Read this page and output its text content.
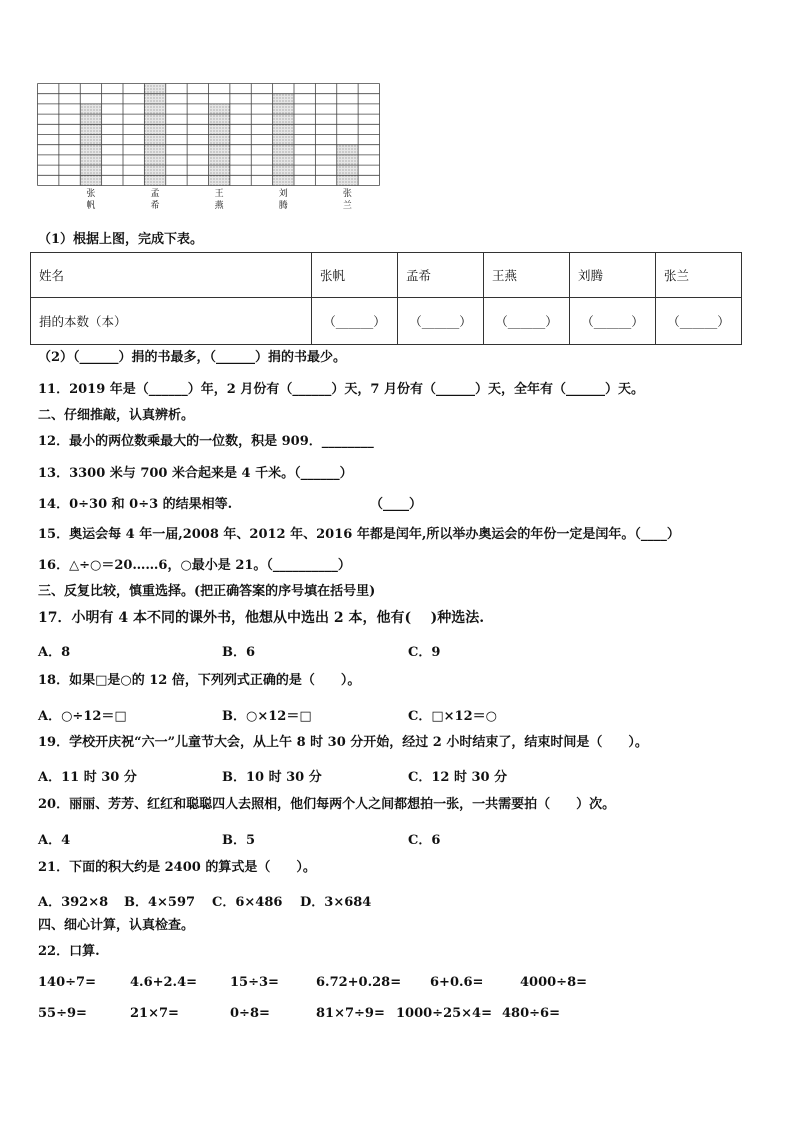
张
帆
孟
希
王
燕
刘
腾
张
兰
（1）根据上图，完成下表。
姓名	张帆	孟希	王燕	刘腾	张兰
捐的本数（本）	（______）	（______）	（______）	（______）	（______）
（2）（______）捐的书最多，（______）捐的书最少。
11．2019 年是（______）年，2 月份有（______）天，7 月份有（______）天，全年有（______）天。
二、仔细推敲，认真辨析。
12．最小的两位数乘最大的一位数，积是 909．________
13．3300 米与 700 米合起来是 4 千米。（______）
14．0÷30 和 0÷3 的结果相等.	（____）
15．奥运会每 4 年一届,2008 年、2012 年、2016 年都是闰年,所以举办奥运会的年份一定是闰年。（____）
16．△÷○＝20……6，○最小是 21。（__________）
三、反复比较，慎重选择。(把正确答案的序号填在括号里)
17．小明有 4 本不同的课外书，他想从中选出 2 本，他有(    )种选法.
A．8	B．6	C．9
18．如果□是○的 12 倍，下列列式正确的是（　　）。
A．○÷12＝□	B．○×12＝□	C．□×12＝○
19．学校开庆祝“六一”儿童节大会，从上午 8 时 30 分开始，经过 2 小时结束了，结束时间是（　　）。
A．11 时 30 分	B．10 时 30 分	C．12 时 30 分
20．丽丽、芳芳、红红和聪聪四人去照相，他们每两个人之间都想拍一张，一共需要拍（　　）次。
A．4	B．5	C．6
21．下面的积大约是 2400 的算式是（　　）。
A．392×8 B．4×597 C．6×486 D．3×684
四、细心计算，认真检查。
22．口算.
140÷7=	4.6+2.4=	15÷3=	6.72+0.28= 6+0.6=	4000÷8=
55÷9=	21×7=	0÷8=	81×7÷9= 1000÷25×4= 480÷6=
